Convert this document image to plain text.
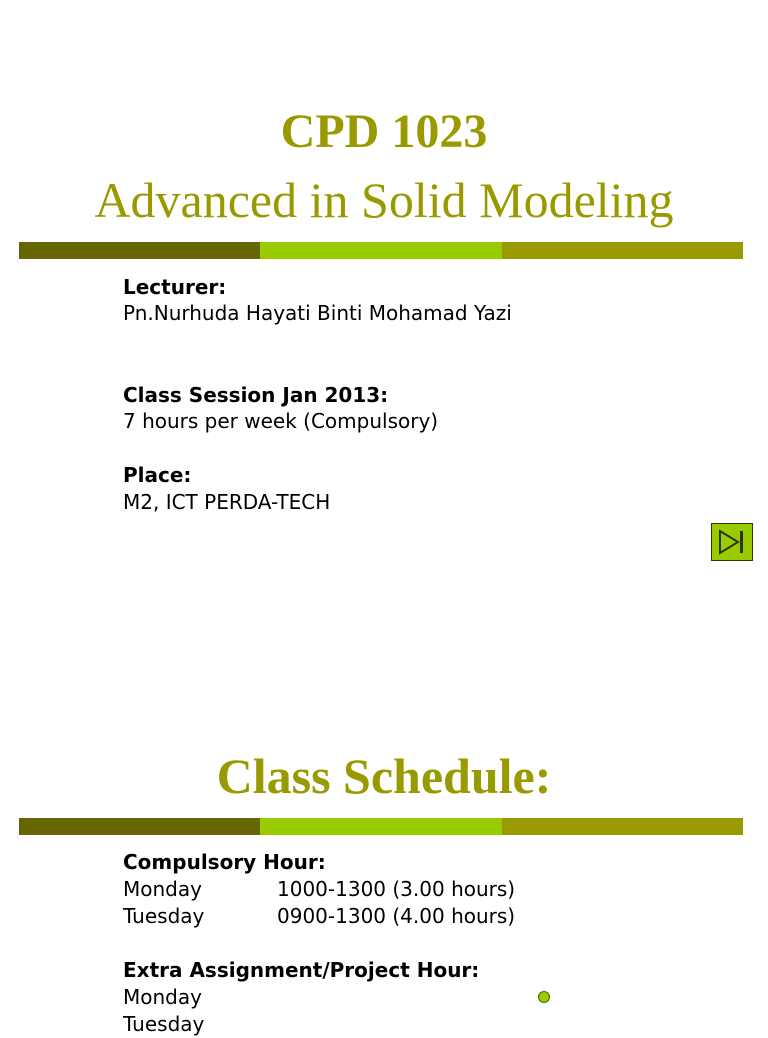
CPD 1023
Advanced in Solid Modeling
Lecturer:
Pn.Nurhuda Hayati Binti Mohamad Yazi
Class Session Jan 2013:
7 hours per week (Compulsory)
Place:
M2, ICT PERDA-TECH
Class Schedule:
Compulsory Hour:
Monday	1000-1300 (3.00 hours)
Tuesday	0900-1300 (4.00 hours)
Extra Assignment/Project Hour:
Monday
Tuesday
